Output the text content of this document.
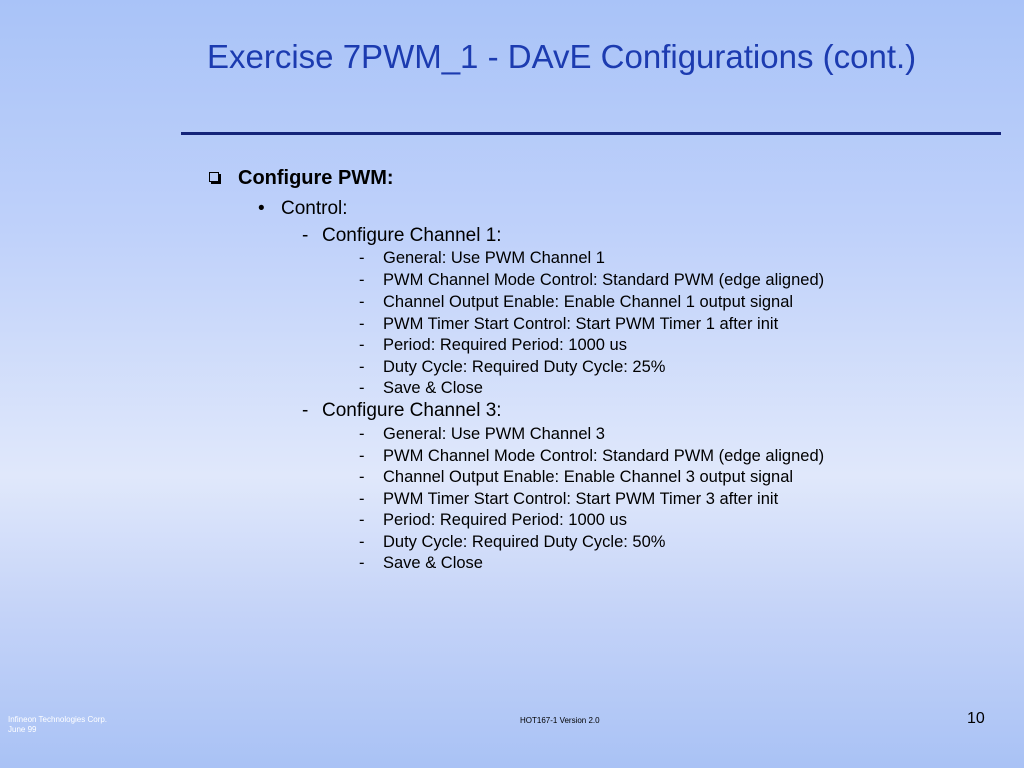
Exercise 7PWM_1 - DAvE Configurations (cont.)
Configure PWM:
• Control:
- Configure Channel 1:
- General: Use PWM Channel 1
- PWM Channel Mode Control: Standard PWM (edge aligned)
- Channel Output Enable: Enable Channel 1 output signal
- PWM Timer Start Control: Start PWM Timer 1 after init
- Period: Required Period: 1000 us
- Duty Cycle: Required Duty Cycle: 25%
- Save & Close
- Configure Channel 3:
- General: Use PWM Channel 3
- PWM Channel Mode Control: Standard PWM (edge aligned)
- Channel Output Enable: Enable Channel 3 output signal
- PWM Timer Start Control: Start PWM Timer 3 after init
- Period: Required Period: 1000 us
- Duty Cycle: Required Duty Cycle: 50%
- Save & Close
Infineon Technologies Corp.
June 99
HOT167-1 Version 2.0	10
